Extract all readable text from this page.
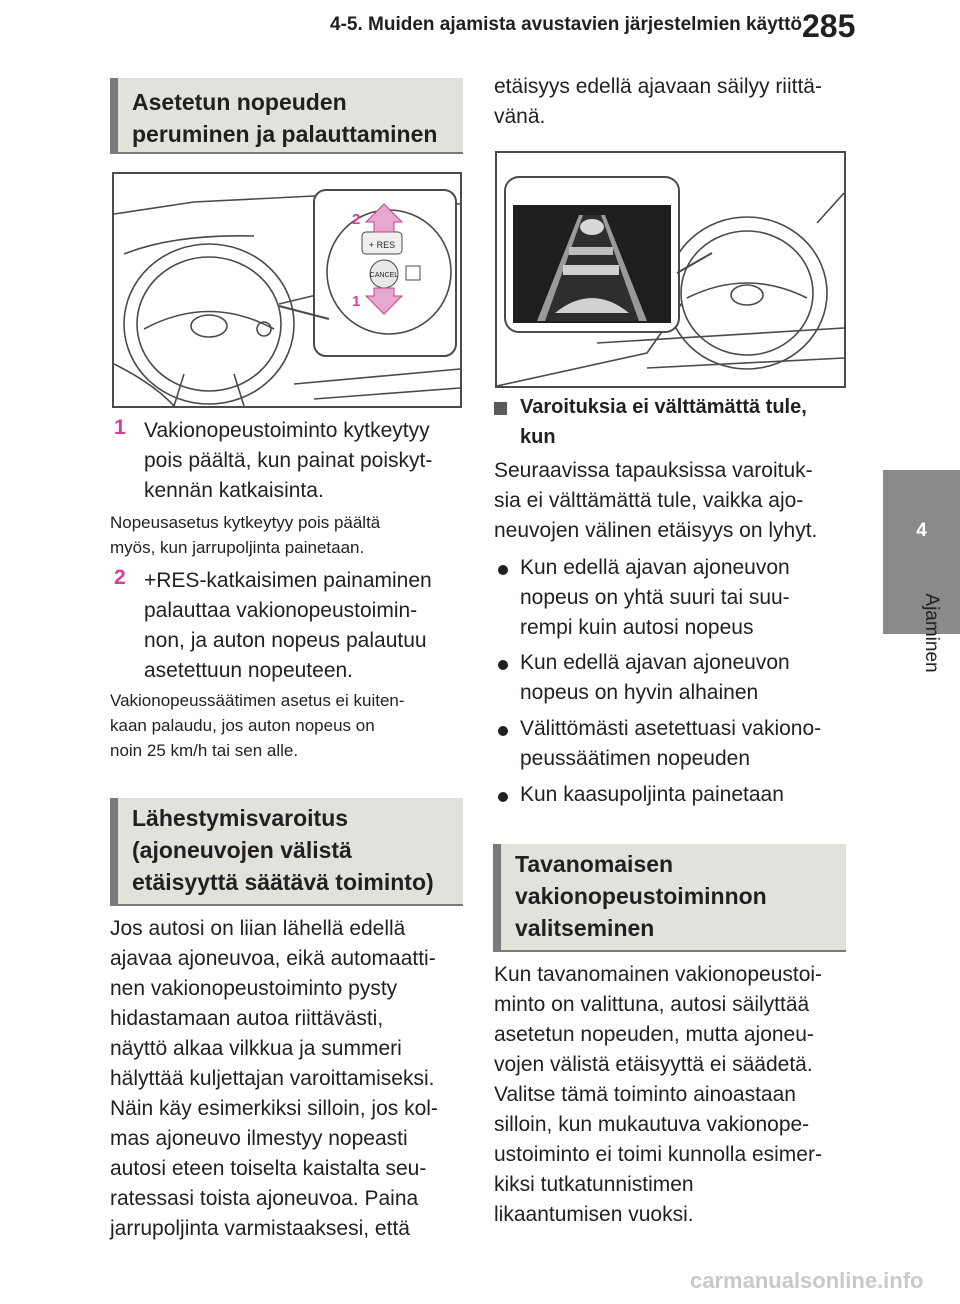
4-5. Muiden ajamista avustavien järjestelmien käyttö 285
4
Ajaminen
Asetetun nopeuden peruminen ja palauttaminen
+ RES
CANCEL
2
1
1 Vakionopeustoiminto kytkeytyy
pois päältä, kun painat poiskyt-
kennän katkaisinta.
Nopeusasetus kytkeytyy pois päältä
myös, kun jarrupoljinta painetaan.
2 +RES-katkaisimen painaminen
palauttaa vakionopeustoimin-
non, ja auton nopeus palautuu
asetettuun nopeuteen.
Vakionopeussäätimen asetus ei kuiten-
kaan palaudu, jos auton nopeus on
noin 25 km/h tai sen alle.
Lähestymisvaroitus
(ajoneuvojen välistä
etäisyyttä säätävä toiminto)
Jos autosi on liian lähellä edellä
ajavaa ajoneuvoa, eikä automaatti-
nen vakionopeustoiminto pysty
hidastamaan autoa riittävästi,
näyttö alkaa vilkkua ja summeri
hälyttää kuljettajan varoittamiseksi.
Näin käy esimerkiksi silloin, jos kol-
mas ajoneuvo ilmestyy nopeasti
autosi eteen toiselta kaistalta seu-
ratessasi toista ajoneuvoa. Paina
jarrupoljinta varmistaaksesi, että
etäisyys edellä ajavaan säilyy riittä-
vänä.
Varoituksia ei välttämättä tule,
kun
Seuraavissa tapauksissa varoituk-
sia ei välttämättä tule, vaikka ajo-
neuvojen välinen etäisyys on lyhyt.
Kun edellä ajavan ajoneuvon
nopeus on yhtä suuri tai suu-
rempi kuin autosi nopeus
Kun edellä ajavan ajoneuvon
nopeus on hyvin alhainen
Välittömästi asetettuasi vakiono-
peussäätimen nopeuden
Kun kaasupoljinta painetaan
Tavanomaisen
vakionopeustoiminnon
valitseminen
Kun tavanomainen vakionopeustoi-
minto on valittuna, autosi säilyttää
asetetun nopeuden, mutta ajoneu-
vojen välistä etäisyyttä ei säädetä.
Valitse tämä toiminto ainoastaan
silloin, kun mukautuva vakionope-
ustoiminto ei toimi kunnolla esimer-
kiksi tutkatunnistimen
likaantumisen vuoksi.
carmanualsonline.info
